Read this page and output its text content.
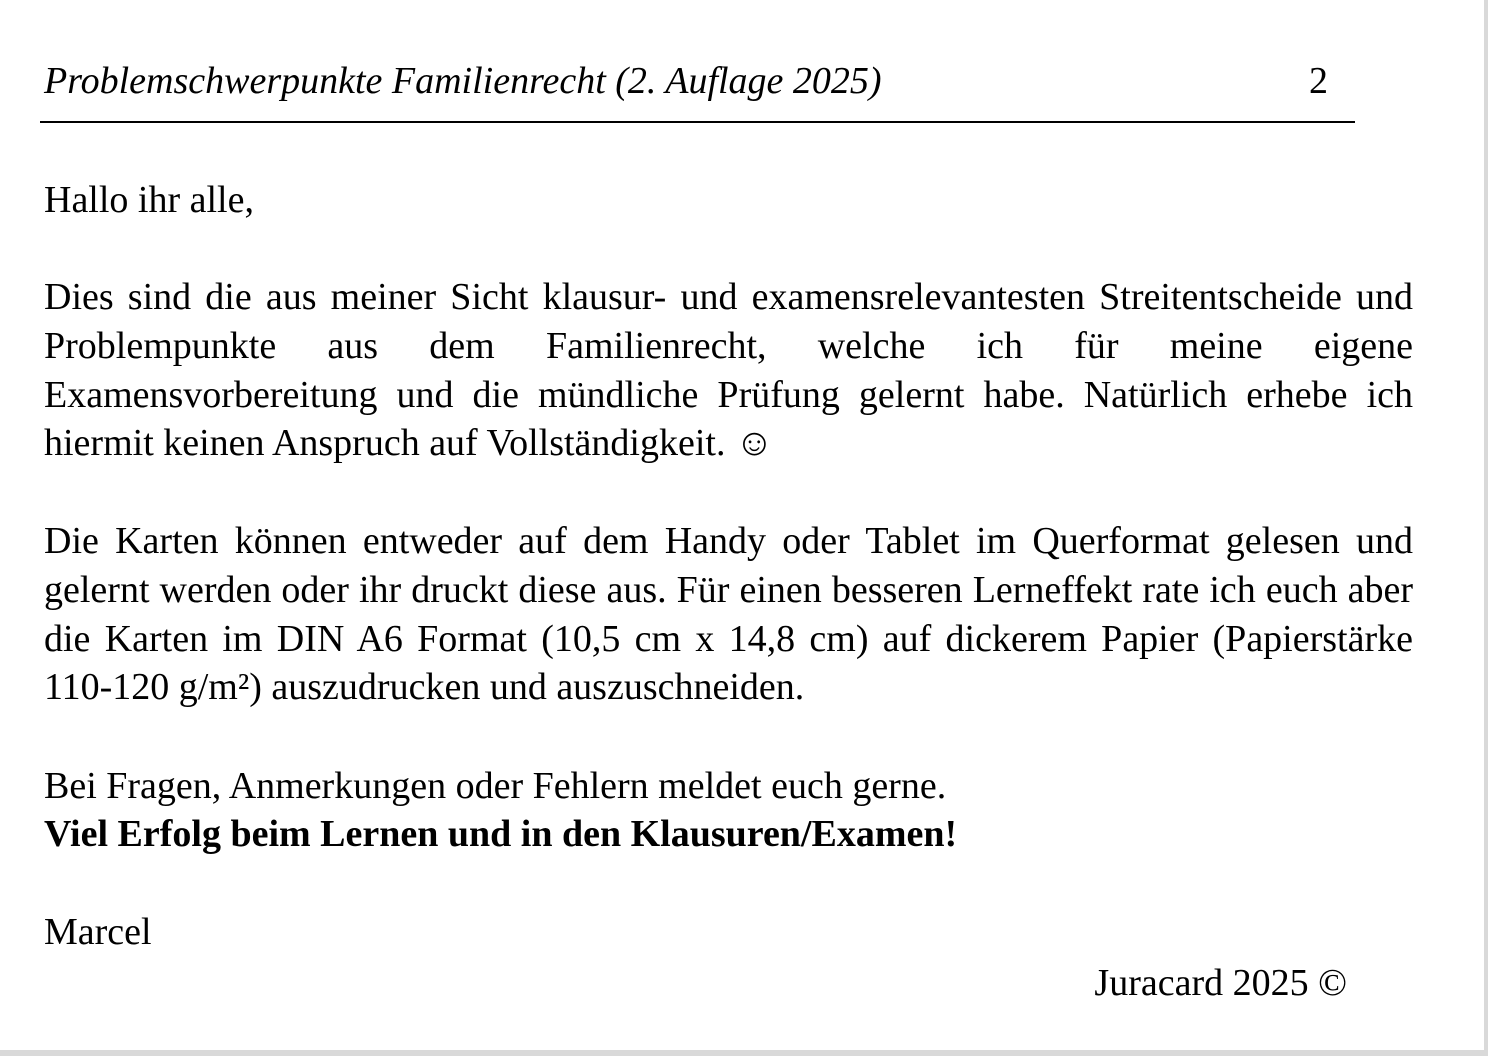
Problemschwerpunkte Familienrecht (2. Auflage 2025)	2
Hallo ihr alle,
Dies sind die aus meiner Sicht klausur- und examensrelevantesten Streitentscheide und Problempunkte aus dem Familienrecht, welche ich für meine eigene Examensvorbereitung und die mündliche Prüfung gelernt habe. Natürlich erhebe ich hiermit keinen Anspruch auf Vollständigkeit. ☺
Die Karten können entweder auf dem Handy oder Tablet im Querformat gelesen und gelernt werden oder ihr druckt diese aus. Für einen besseren Lerneffekt rate ich euch aber die Karten im DIN A6 Format (10,5 cm x 14,8 cm) auf dickerem Papier (Papierstärke 110-120 g/m²) auszudrucken und auszuschneiden.
Bei Fragen, Anmerkungen oder Fehlern meldet euch gerne.
Viel Erfolg beim Lernen und in den Klausuren/Examen!
Marcel
Juracard 2025 ©
